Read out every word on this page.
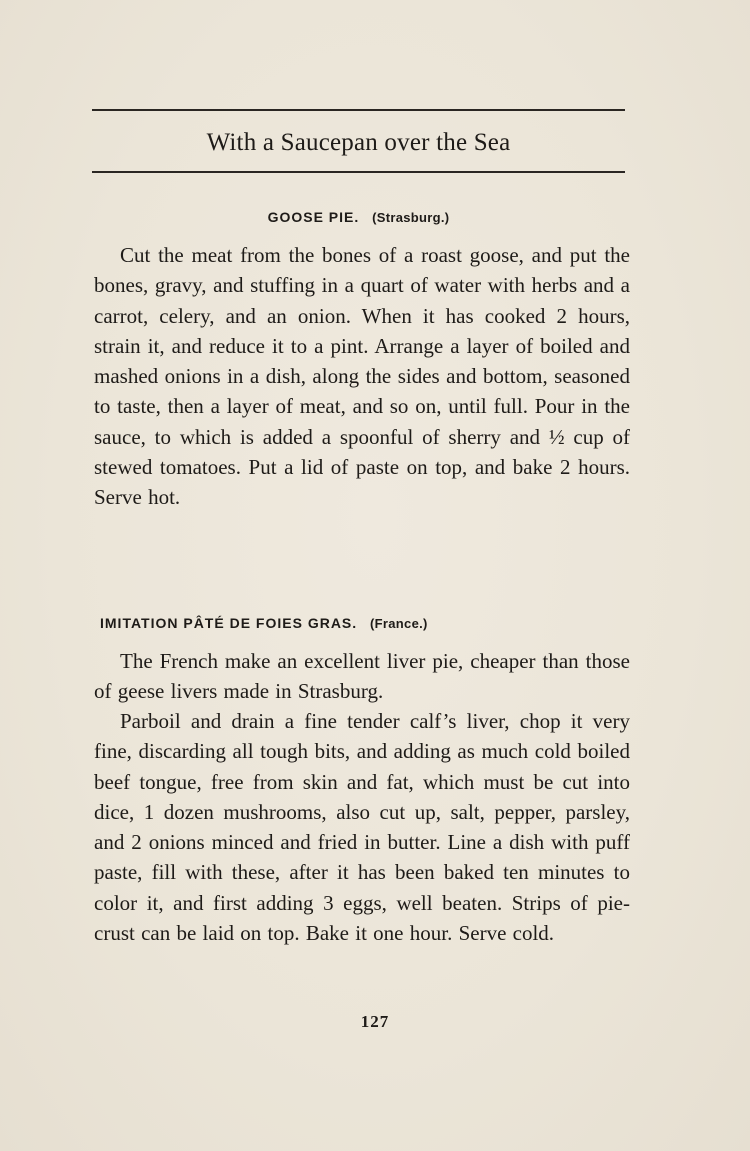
With a Saucepan over the Sea
GOOSE PIE. (Strasburg.)

Cut the meat from the bones of a roast goose, and put the bones, gravy, and stuffing in a quart of water with herbs and a carrot, celery, and an onion. When it has cooked 2 hours, strain it, and reduce it to a pint. Arrange a layer of boiled and mashed onions in a dish, along the sides and bottom, seasoned to taste, then a layer of meat, and so on, until full. Pour in the sauce, to which is added a spoonful of sherry and ½ cup of stewed tomatoes. Put a lid of paste on top, and bake 2 hours. Serve hot.

IMITATION PÂTÉ DE FOIES GRAS. (France.)

The French make an excellent liver pie, cheaper than those of geese livers made in Strasburg.

Parboil and drain a fine tender calf’s liver, chop it very fine, discarding all tough bits, and adding as much cold boiled beef tongue, free from skin and fat, which must be cut into dice, 1 dozen mushrooms, also cut up, salt, pepper, parsley, and 2 onions minced and fried in butter. Line a dish with puff paste, fill with these, after it has been baked ten minutes to color it, and first adding 3 eggs, well beaten. Strips of pie-crust can be laid on top. Bake it one hour. Serve cold.

127
